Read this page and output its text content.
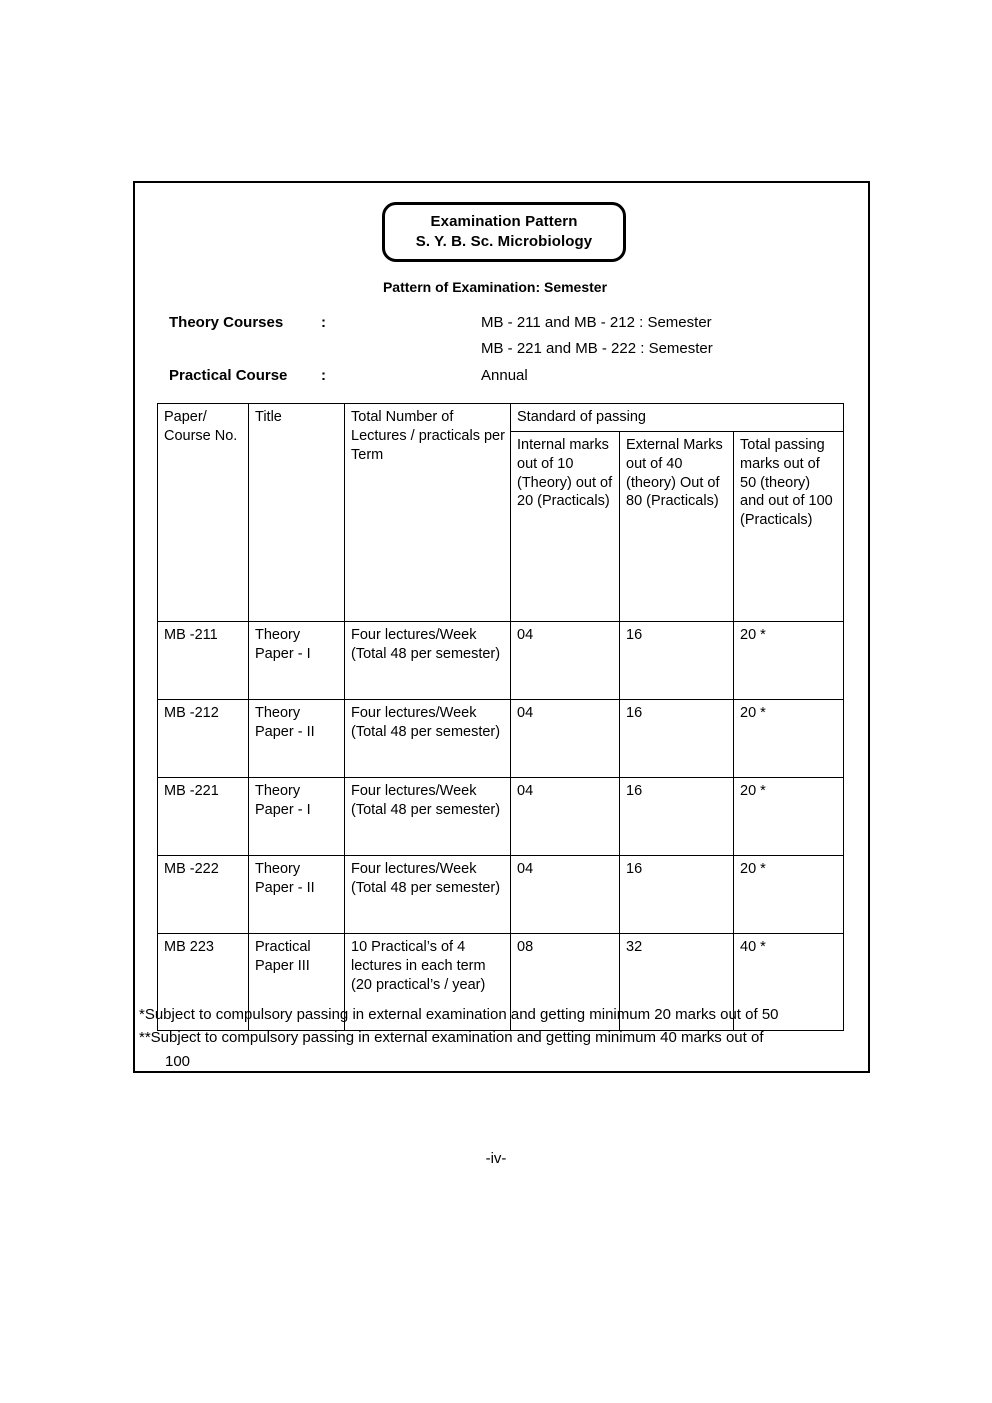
Examination Pattern
S. Y. B. Sc. Microbiology
Pattern of Examination: Semester
Theory Courses	:	MB - 211 and MB - 212 : Semester
MB - 221 and MB - 222 : Semester
Practical Course :	Annual
Paper/ Course No.	Title	Total Number of Lectures / practicals per Term	Standard of passing		
			Internal marks out of 10 (Theory) out of 20 (Practicals)	External Marks out of 40 (theory) Out of 80 (Practicals)	Total passing marks out of 50 (theory) and out of 100 (Practicals)
MB -211	Theory Paper - I	Four lectures/Week (Total 48 per semester)	04	16	20 *
MB -212	Theory Paper - II	Four lectures/Week (Total 48 per semester)	04	16	20 *
MB -221	Theory Paper - I	Four lectures/Week (Total 48 per semester)	04	16	20 *
MB -222	Theory Paper - II	Four lectures/Week (Total 48 per semester)	04	16	20 *
MB 223	Practical Paper III	10 Practical’s of 4 lectures in each term (20 practical’s / year)	08	32	40 *
*Subject to compulsory passing in external examination and getting minimum 20 marks out of 50
**Subject to compulsory passing in external examination and getting minimum 40 marks out of
100
-iv-
